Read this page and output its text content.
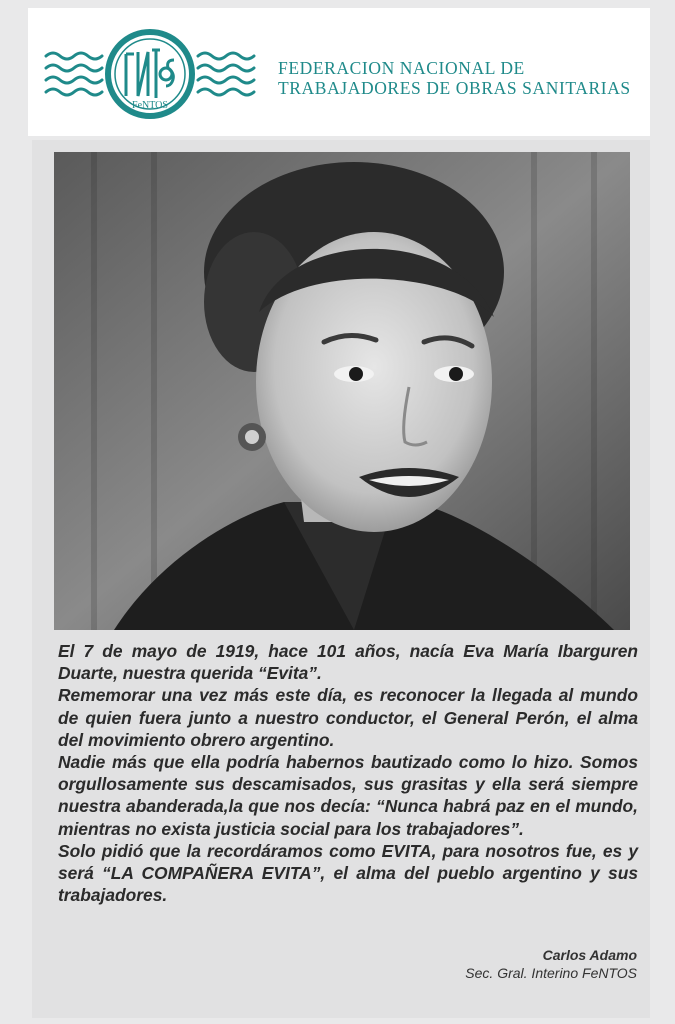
FeNTOS
FEDERACION NACIONAL DE
TRABAJADORES DE OBRAS SANITARIAS

El 7 de mayo de 1919, hace 101 años, nacía Eva María Ibarguren Duarte, nuestra querida “Evita”.

Rememorar una vez más este día, es reconocer la llegada al mundo de quien fuera junto a nuestro conductor, el General Perón, el alma del movimiento obrero argentino.

Nadie más que ella podría habernos bautizado como lo hizo. Somos orgullosamente sus descamisados, sus grasitas y ella será siempre nuestra abanderada,la que nos decía: “Nunca habrá paz en el mundo, mientras no exista justicia social para los trabajadores”.

Solo pidió que la recordáramos como EVITA, para nosotros fue, es y será “LA COMPAÑERA EVITA”, el alma del pueblo argentino y sus trabajadores.

Carlos Adamo
Sec. Gral. Interino FeNTOS
